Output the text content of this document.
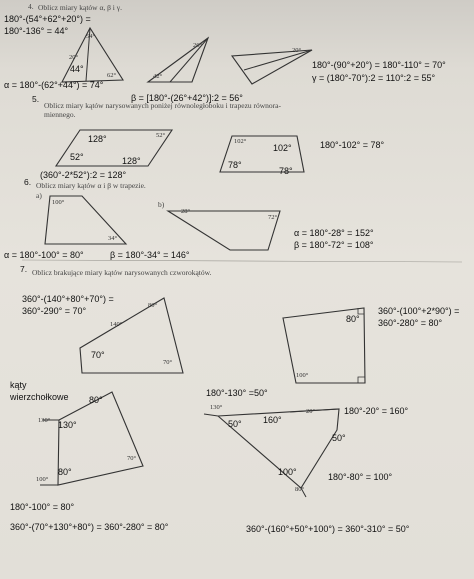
4. Oblicz miary kątów α, β i γ.
180°-(54°+62°+20°) =
180°-136° = 44°
54°
20°
44°
62°
α = 180°-(62°+44°) = 74°
26°
42°
β = [180°-(26°+42°)]:2 = 56°
20°
180°-(90°+20°) = 180°-110° = 70°
γ = (180°-70°):2 = 110°:2 = 55°
5.
Oblicz miary kątów narysowanych poniżej równoległoboku i trapezu równora-
miennego.
128°	52°
52°	128°
(360°-2*52°):2 = 128°
102°
102°
78°
78°
180°-102° = 78°
6. Oblicz miary kątów α i β w trapezie.
a)
b)
100°
34°
28°
72°
α = 180°-28° = 152°
β = 180°-72° = 108°
α = 180°-100° = 80°	β = 180°-34° = 146°
7. Oblicz brakujące miary kątów narysowanych czworokątów.
360°-(140°+80°+70°) =
360°-290° = 70°
80°
140°
70°
70°
80°
100°
360°-(100°+2*90°) =
360°-280° = 80°
kąty
wierzchołkowe 80°
130° 130°
80°
70°
100°
180°-100° = 80°
360°-(70°+130°+80°) = 360°-280° = 80°
180°-130° =50°
130°
50° 160°
20°
50°
100°
80°
180°-20° = 160°
180°-80° = 100°
360°-(160°+50°+100°) = 360°-310° = 50°
